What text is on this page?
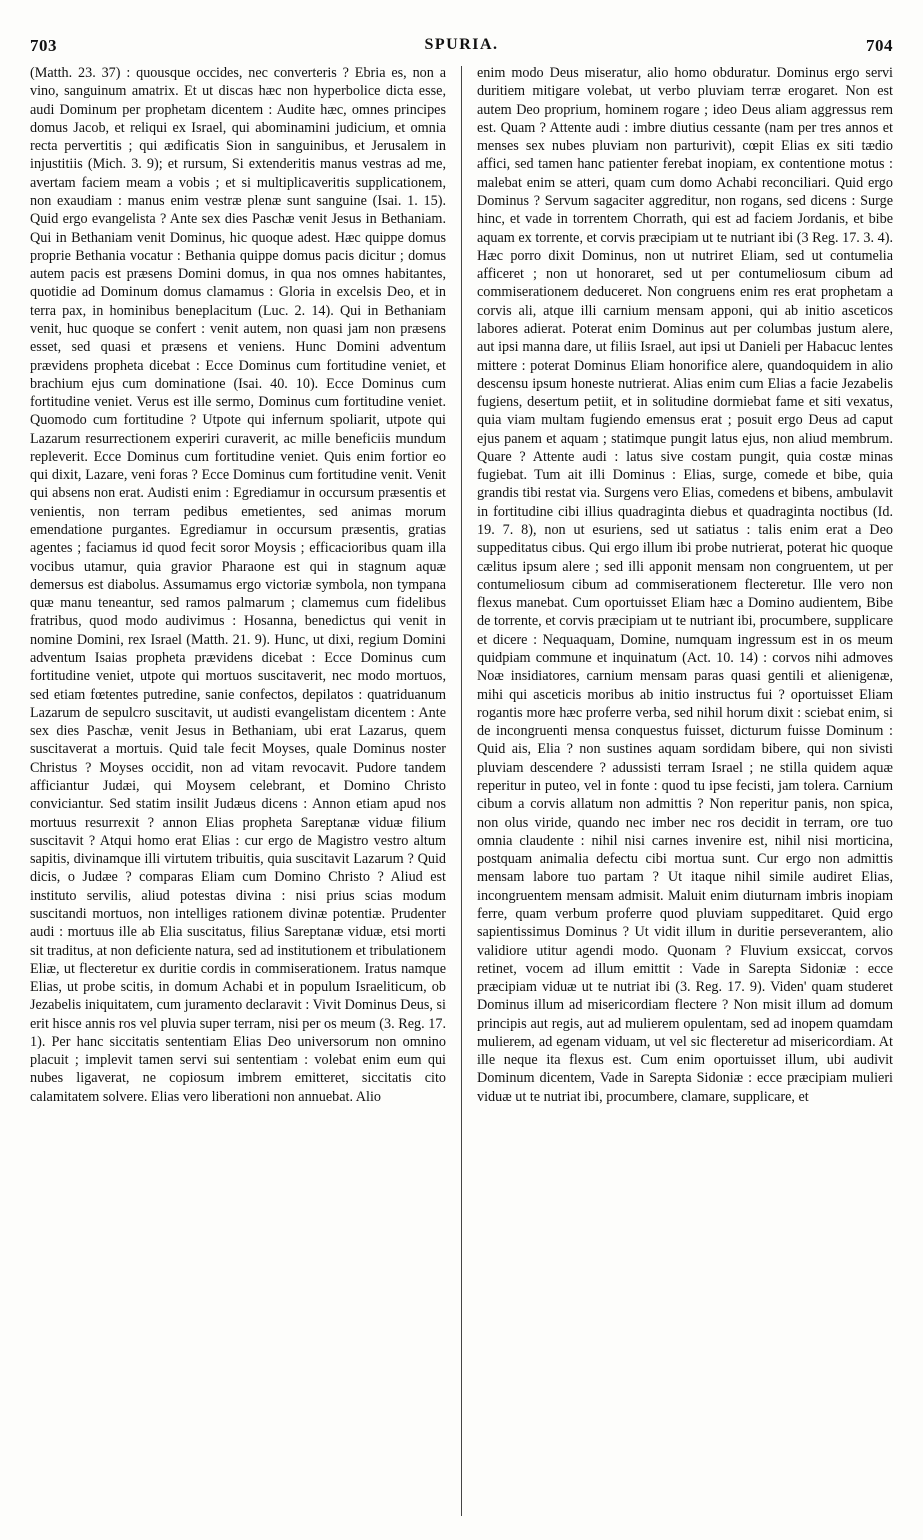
703	SPURIA.	704

(Matth. 23. 37) : quousque occides, nec converteris ? Ebria es, non a vino, sanguinum amatrix. Et ut discas hæc non hyperbolice dicta esse, audi Dominum per prophetam dicentem : Audite hæc, omnes principes domus Jacob, et reliqui ex Israel, qui abominamini judicium, et omnia recta pervertitis ; qui ædificatis Sion in sanguinibus, et Jerusalem in injustitiis (Mich. 3. 9); et rursum, Si extenderitis manus vestras ad me, avertam faciem meam a vobis ; et si multiplicaveritis supplicationem, non exaudiam : manus enim vestræ plenæ sunt sanguine (Isai. 1. 15). Quid ergo evangelista ? Ante sex dies Paschæ venit Jesus in Bethaniam. Qui in Bethaniam venit Dominus, hic quoque adest. Hæc quippe domus proprie Bethania vocatur : Bethania quippe domus pacis dicitur ; domus autem pacis est præsens Domini domus, in qua nos omnes habitantes, quotidie ad Dominum domus clamamus : Gloria in excelsis Deo, et in terra pax, in hominibus beneplacitum (Luc. 2. 14). Qui in Bethaniam venit, huc quoque se confert : venit autem, non quasi jam non præsens esset, sed quasi et præsens et veniens. Hunc Domini adventum prævidens propheta dicebat : Ecce Dominus cum fortitudine veniet, et brachium ejus cum dominatione (Isai. 40. 10). Ecce Dominus cum fortitudine veniet. Verus est ille sermo, Dominus cum fortitudine veniet. Quomodo cum fortitudine ? Utpote qui infernum spoliarit, utpote qui Lazarum resurrectionem experiri curaverit, ac mille beneficiis mundum repleverit. Ecce Dominus cum fortitudine veniet. Quis enim fortior eo qui dixit, Lazare, veni foras ? Ecce Dominus cum fortitudine venit. Venit qui absens non erat. Audisti enim : Egrediamur in occursum præsentis et venientis, non terram pedibus emetientes, sed animas morum emendatione purgantes. Egrediamur in occursum præsentis, gratias agentes ; faciamus id quod fecit soror Moysis ; efficacioribus quam illa vocibus utamur, quia gravior Pharaone est qui in stagnum aquæ demersus est diabolus. Assumamus ergo victoriæ symbola, non tympana quæ manu teneantur, sed ramos palmarum ; clamemus cum fidelibus fratribus, quod modo audivimus : Hosanna, benedictus qui venit in nomine Domini, rex Israel (Matth. 21. 9). Hunc, ut dixi, regium Domini adventum Isaias propheta prævidens dicebat : Ecce Dominus cum fortitudine veniet, utpote qui mortuos suscitaverit, nec modo mortuos, sed etiam fœtentes putredine, sanie confectos, depilatos : quatriduanum Lazarum de sepulcro suscitavit, ut audisti evangelistam dicentem : Ante sex dies Paschæ, venit Jesus in Bethaniam, ubi erat Lazarus, quem suscitaverat a mortuis. Quid tale fecit Moyses, quale Dominus noster Christus ? Moyses occidit, non ad vitam revocavit. Pudore tandem afficiantur Judæi, qui Moysem celebrant, et Domino Christo conviciantur. Sed statim insilit Judæus dicens : Annon etiam apud nos mortuus resurrexit ? annon Elias propheta Sareptanæ viduæ filium suscitavit ? Atqui homo erat Elias : cur ergo de Magistro vestro altum sapitis, divinamque illi virtutem tribuitis, quia suscitavit Lazarum ? Quid dicis, o Judæe ? comparas Eliam cum Domino Christo ? Aliud est instituto servilis, aliud potestas divina : nisi prius scias modum suscitandi mortuos, non intelliges rationem divinæ potentiæ. Prudenter audi : mortuus ille ab Elia suscitatus, filius Sareptanæ viduæ, etsi morti sit traditus, at non deficiente natura, sed ad institutionem et tribulationem Eliæ, ut flecteretur ex duritie cordis in commiserationem. Iratus namque Elias, ut probe scitis, in domum Achabi et in populum Israeliticum, ob Jezabelis iniquitatem, cum juramento declaravit : Vivit Dominus Deus, si erit hisce annis ros vel pluvia super terram, nisi per os meum (3. Reg. 17. 1). Per hanc siccitatis sententiam Elias Deo universorum non omnino placuit ; implevit tamen servi sui sententiam : volebat enim eum qui nubes ligaverat, ne copiosum imbrem emitteret, siccitatis cito calamitatem solvere. Elias vero liberationi non annuebat. Alio

enim modo Deus miseratur, alio homo obduratur. Dominus ergo servi duritiem mitigare volebat, ut verbo pluviam terræ erogaret. Non est autem Deo proprium, hominem rogare ; ideo Deus aliam aggressus rem est. Quam ? Attente audi : imbre diutius cessante (nam per tres annos et menses sex nubes pluviam non parturivit), cœpit Elias ex siti tædio affici, sed tamen hanc patienter ferebat inopiam, ex contentione motus : malebat enim se atteri, quam cum domo Achabi reconciliari. Quid ergo Dominus ? Servum sagaciter aggreditur, non rogans, sed dicens : Surge hinc, et vade in torrentem Chorrath, qui est ad faciem Jordanis, et bibe aquam ex torrente, et corvis præcipiam ut te nutriant ibi (3 Reg. 17. 3. 4). Hæc porro dixit Dominus, non ut nutriret Eliam, sed ut contumelia afficeret ; non ut honoraret, sed ut per contumeliosum cibum ad commiserationem deduceret. Non congruens enim res erat prophetam a corvis ali, atque illi carnium mensam apponi, qui ab initio asceticos labores adierat. Poterat enim Dominus aut per columbas justum alere, aut ipsi manna dare, ut filiis Israel, aut ipsi ut Danieli per Habacuc lentes mittere : poterat Dominus Eliam honorifice alere, quandoquidem in alio descensu ipsum honeste nutrierat. Alias enim cum Elias a facie Jezabelis fugiens, desertum petiit, et in solitudine dormiebat fame et siti vexatus, quia viam multam fugiendo emensus erat ; posuit ergo Deus ad caput ejus panem et aquam ; statimque pungit latus ejus, non aliud membrum. Quare ? Attente audi : latus sive costam pungit, quia costæ minas fugiebat. Tum ait illi Dominus : Elias, surge, comede et bibe, quia grandis tibi restat via. Surgens vero Elias, comedens et bibens, ambulavit in fortitudine cibi illius quadraginta diebus et quadraginta noctibus (Id. 19. 7. 8), non ut esuriens, sed ut satiatus : talis enim erat a Deo suppeditatus cibus. Qui ergo illum ibi probe nutrierat, poterat hic quoque cælitus ipsum alere ; sed illi apponit mensam non congruentem, ut per contumeliosum cibum ad commiserationem flecteretur. Ille vero non flexus manebat. Cum oportuisset Eliam hæc a Domino audientem, Bibe de torrente, et corvis præcipiam ut te nutriant ibi, procumbere, supplicare et dicere : Nequaquam, Domine, numquam ingressum est in os meum quidpiam commune et inquinatum (Act. 10. 14) : corvos nihi admoves Noæ insidiatores, carnium mensam paras quasi gentili et alienigenæ, mihi qui asceticis moribus ab initio instructus fui ? oportuisset Eliam rogantis more hæc proferre verba, sed nihil horum dixit : sciebat enim, si de incongruenti mensa conquestus fuisset, dicturum fuisse Dominum : Quid ais, Elia ? non sustines aquam sordidam bibere, qui non sivisti pluviam descendere ? adussisti terram Israel ; ne stilla quidem aquæ reperitur in puteo, vel in fonte : quod tu ipse fecisti, jam tolera. Carnium cibum a corvis allatum non admittis ? Non reperitur panis, non spica, non olus viride, quando nec imber nec ros decidit in terram, ore tuo omnia claudente : nihil nisi carnes invenire est, nihil nisi morticina, postquam animalia defectu cibi mortua sunt. Cur ergo non admittis mensam labore tuo partam ? Ut itaque nihil simile audiret Elias, incongruentem mensam admisit. Maluit enim diuturnam imbris inopiam ferre, quam verbum proferre quod pluviam suppeditaret. Quid ergo sapientissimus Dominus ? Ut vidit illum in duritie perseverantem, alio validiore utitur agendi modo. Quonam ? Fluvium exsiccat, corvos retinet, vocem ad illum emittit : Vade in Sarepta Sidoniæ : ecce præcipiam viduæ ut te nutriat ibi (3. Reg. 17. 9). Viden' quam studeret Dominus illum ad misericordiam flectere ? Non misit illum ad domum principis aut regis, aut ad mulierem opulentam, sed ad inopem quamdam mulierem, ad egenam viduam, ut vel sic flecteretur ad misericordiam. At ille neque ita flexus est. Cum enim oportuisset illum, ubi audivit Dominum dicentem, Vade in Sarepta Sidoniæ : ecce præcipiam mulieri viduæ ut te nutriat ibi, procumbere, clamare, supplicare, et
